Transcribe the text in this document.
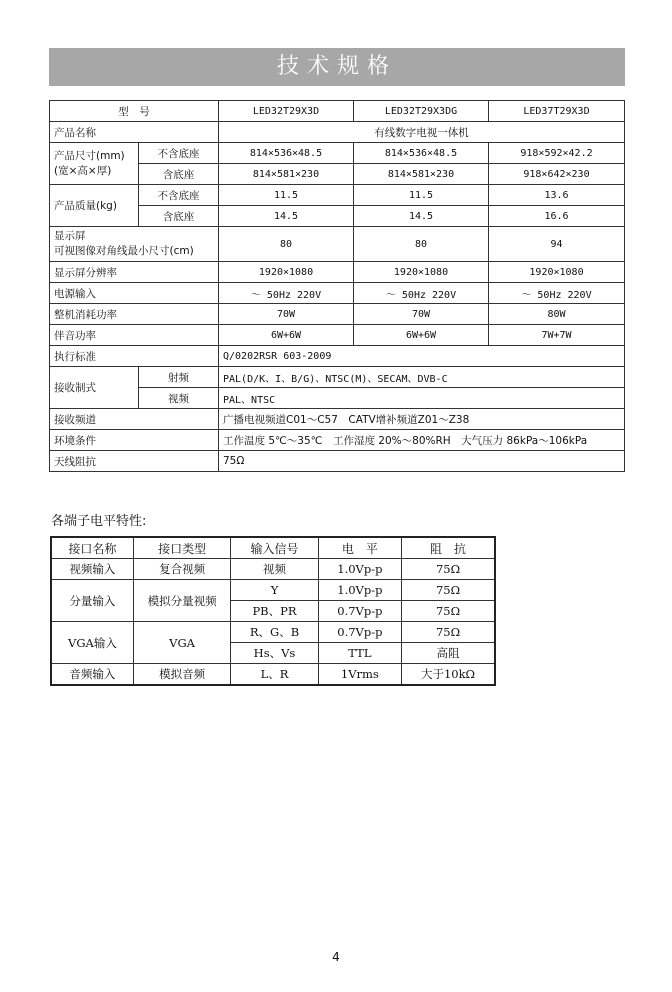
技术规格
型　号		LED32T29X3D	LED32T29X3DG	LED37T29X3D
产品名称		有线数字电视一体机		
产品尺寸(mm)
(宽×高×厚)	不含底座	814×536×48.5	814×536×48.5	918×592×42.2
	含底座	814×581×230	814×581×230	918×642×230
产品质量(kg)	不含底座	11.5	11.5	13.6
	含底座	14.5	14.5	16.6
显示屏
可视图像对角线最小尺寸(cm)		80	80	94
显示屏分辨率		1920×1080	1920×1080	1920×1080
电源输入		～ 50Hz 220V	～ 50Hz 220V	～ 50Hz 220V
整机消耗功率		70W	70W	80W
伴音功率		6W+6W	6W+6W	7W+7W
执行标准		Q/0202RSR 603-2009		
接收制式	射频	PAL(D/K、I、B/G)、NTSC(M)、SECAM、DVB-C		
	视频	PAL、NTSC		
接收频道		广播电视频道C01～C57　CATV增补频道Z01～Z38		
环境条件		工作温度 5℃～35℃　工作湿度 20%～80%RH　大气压力 86kPa～106kPa		
天线阻抗		75Ω		
各端子电平特性:
接口名称	接口类型	输入信号	电　平	阻　抗
视频输入	复合视频	视频	1.0Vp-p	75Ω
分量输入	模拟分量视频	Y	1.0Vp-p	75Ω
		PB、PR	0.7Vp-p	75Ω
VGA输入	VGA	R、G、B	0.7Vp-p	75Ω
		Hs、Vs	TTL	高阻
音频输入	模拟音频	L、R	1Vrms	大于10kΩ
4
